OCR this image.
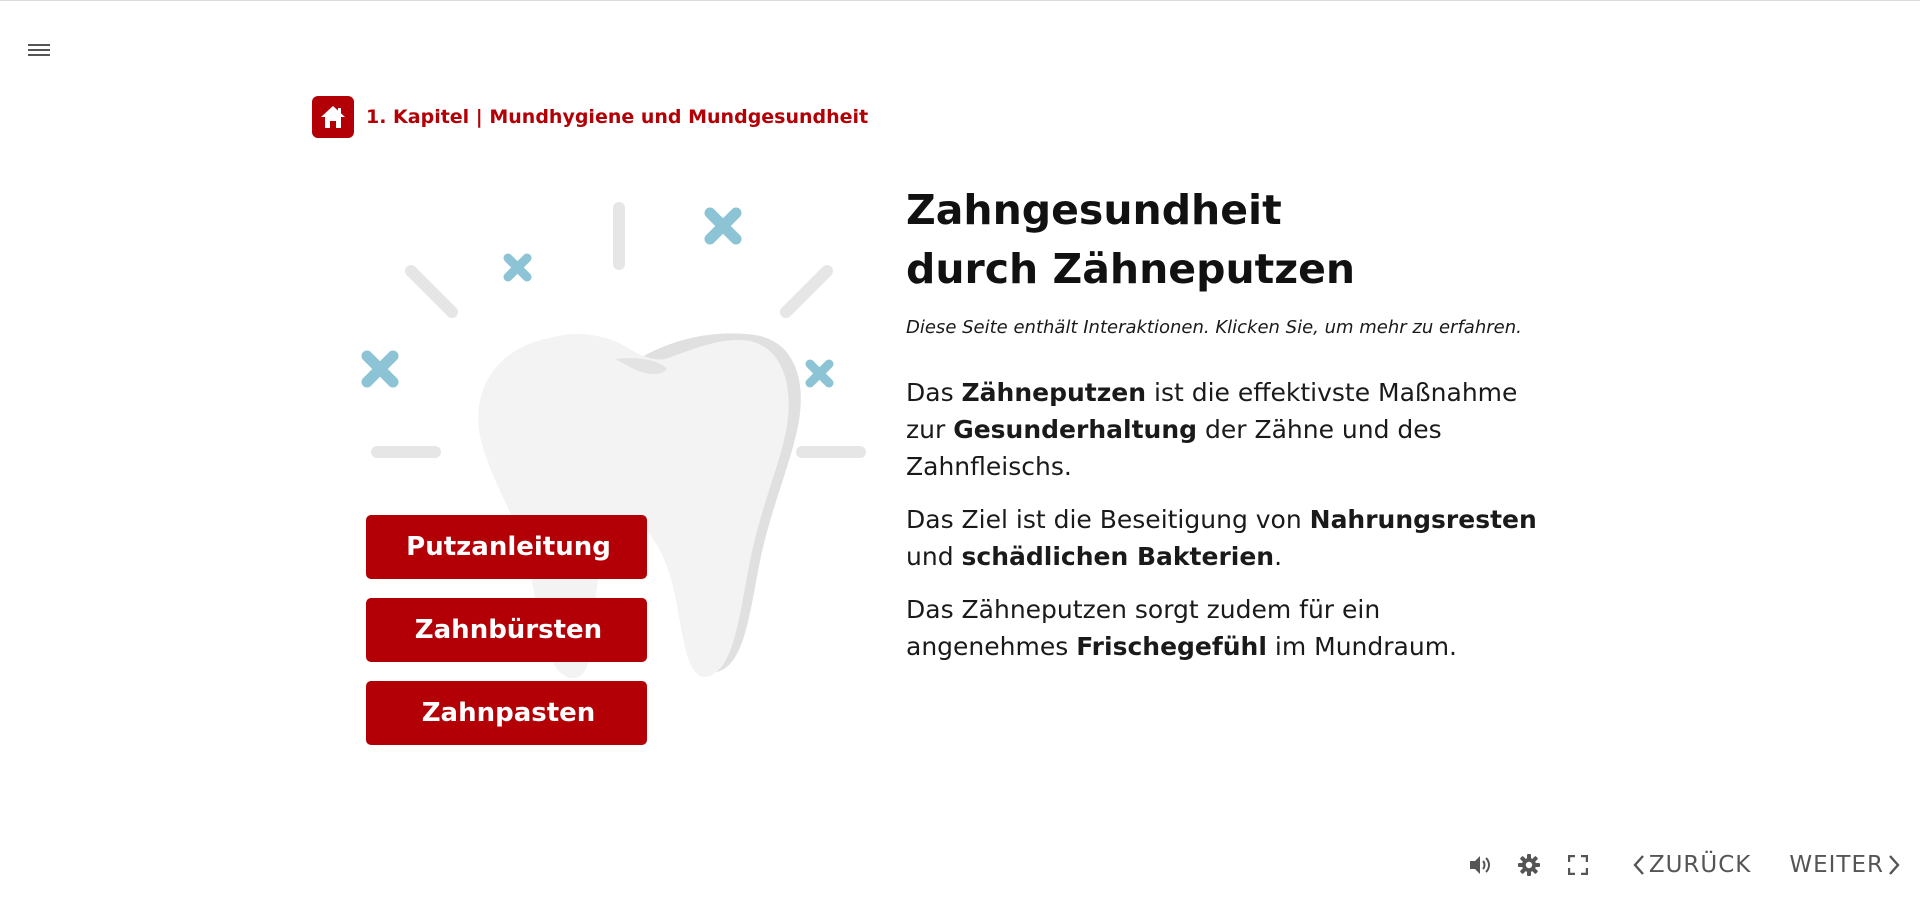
1. Kapitel | Mundhygiene und Mundgesundheit
Putzanleitung
Zahnbürsten
Zahnpasten
Zahngesundheit
durch Zähneputzen

Diese Seite enthält Interaktionen. Klicken Sie, um mehr zu erfahren.

Das Zähneputzen ist die effektivste Maßnahme zur Gesunderhaltung der Zähne und des Zahnfleischs.

Das Ziel ist die Beseitigung von Nahrungsresten und schädlichen Bakterien.

Das Zähneputzen sorgt zudem für ein angenehmes Frischegefühl im Mundraum.

ZURÜCK WEITER
